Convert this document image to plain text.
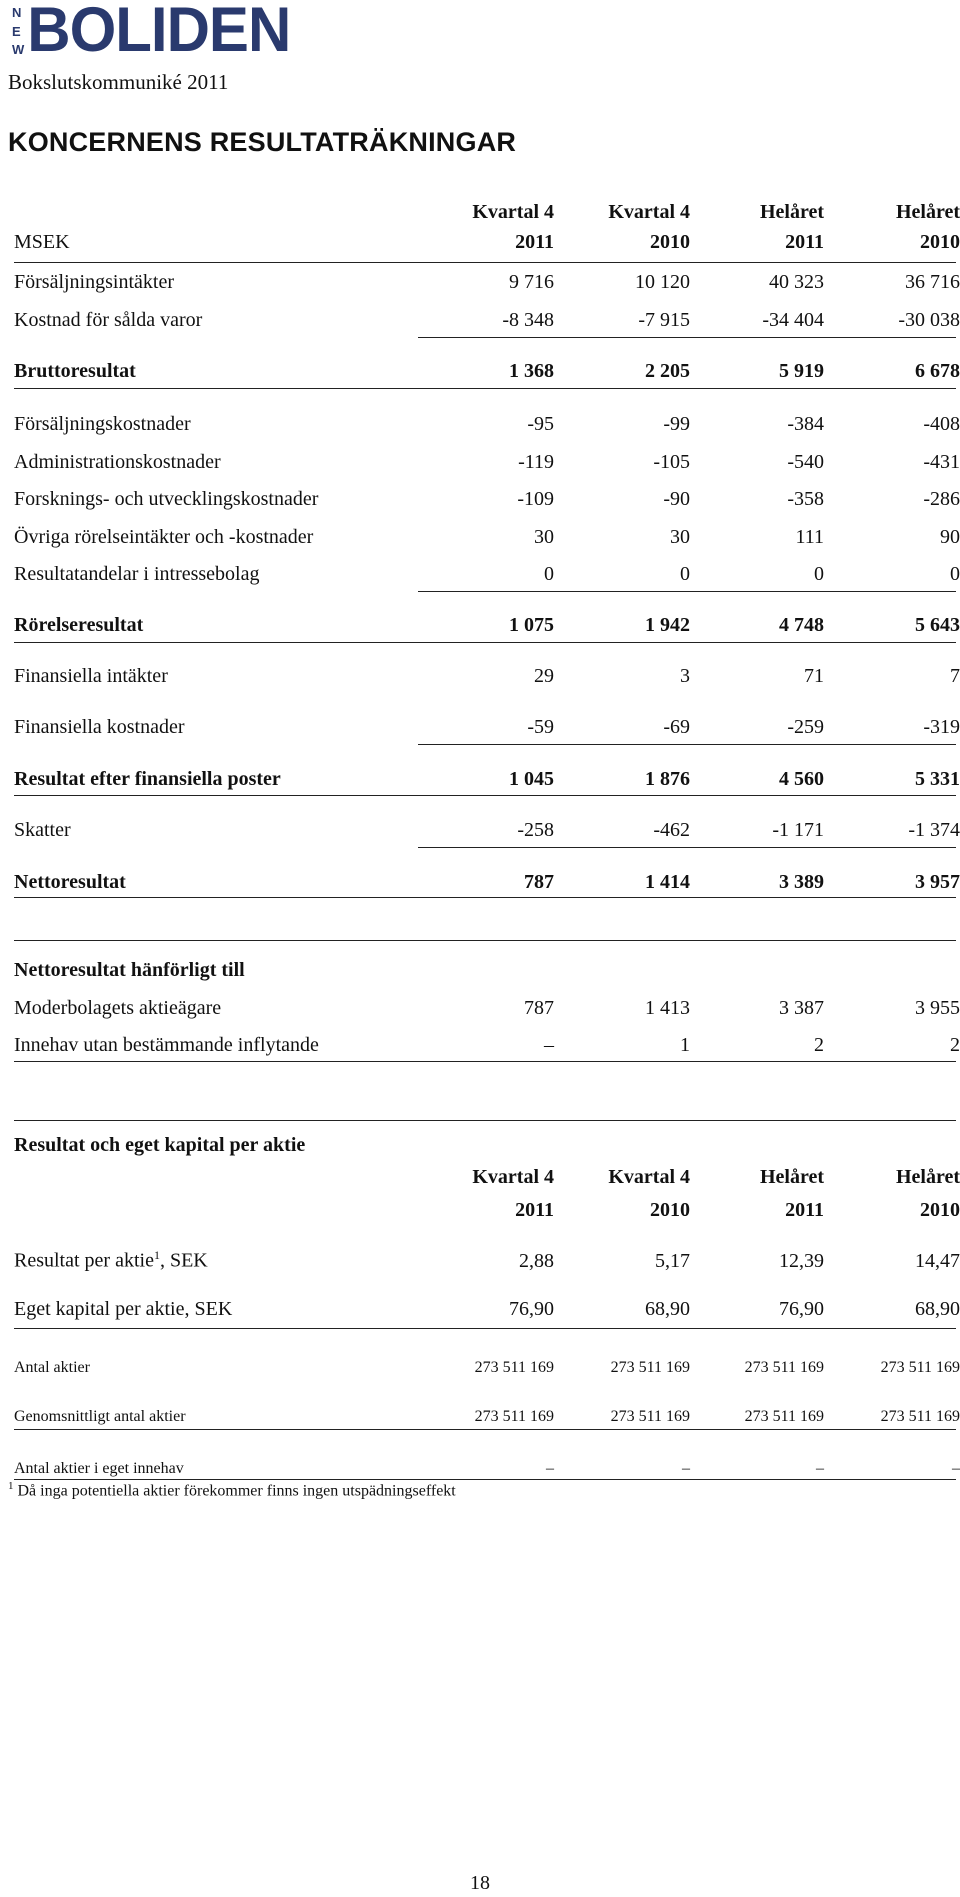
N
E
W BOLIDEN
Bokslutskommuniké 2011
KONCERNENS RESULTATRÄKNINGAR
Kvartal 4	Kvartal 4	Helåret	Helåret
MSEK	2011	2010	2011	2010
Försäljningsintäkter	9 716	10 120	40 323	36 716
Kostnad för sålda varor	-8 348	-7 915	-34 404	-30 038
Bruttoresultat	1 368	2 205	5 919	6 678
Försäljningskostnader	-95	-99	-384	-408
Administrationskostnader	-119	-105	-540	-431
Forsknings- och utvecklingskostnader	-109	-90	-358	-286
Övriga rörelseintäkter och -kostnader	30	30	111	90
Resultatandelar i intressebolag	0	0	0	0
Rörelseresultat	1 075	1 942	4 748	5 643
Finansiella intäkter	29	3	71	7
Finansiella kostnader	-59	-69	-259	-319
Resultat efter finansiella poster	1 045	1 876	4 560	5 331
Skatter	-258	-462	-1 171	-1 374
Nettoresultat	787	1 414	3 389	3 957
Nettoresultat hänförligt till
Moderbolagets aktieägare	787	1 413	3 387	3 955
Innehav utan bestämmande inflytande	–	1	2	2
Resultat och eget kapital per aktie
Kvartal 4	Kvartal 4	Helåret	Helåret
2011	2010	2011	2010
Resultat per aktie$^1$, SEK	2,88	5,17	12,39	14,47
Eget kapital per aktie, SEK	76,90	68,90	76,90	68,90
Antal aktier	273 511 169	273 511 169	273 511 169	273 511 169
Genomsnittligt antal aktier	273 511 169	273 511 169	273 511 169	273 511 169
Antal aktier i eget innehav	–	–	–	–
$^1$ Då inga potentiella aktier förekommer finns ingen utspädningseffekt
18
